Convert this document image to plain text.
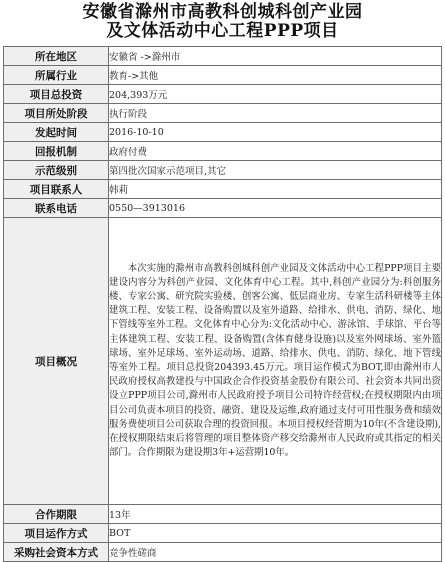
安徽省滁州市高教科创城科创产业园
及文体活动中心工程PPP项目
所在地区	安徽省 ->滁州市
所属行业	教育->其他
项目总投资	204,393万元
项目所处阶段	执行阶段
发起时间	2016-10-10
回报机制	政府付费
示范级别	第四批次国家示范项目,其它
项目联系人	韩莉
联系电话	0550—3913016
项目概况	本次实施的滁州市高教科创城科创产业园及文体活动中心工程PPP项目主要建设内容分为科创产业园、文化体育中心工程。其中,科创产业园分为:科创服务楼、专家公寓、研究院实验楼、创客公寓、低层商业房、专家生活科研楼等主体建筑工程、安装工程、设备购置以及室外道路、给排水、供电、消防、绿化、地下管线等室外工程。文化体育中心分为:文化活动中心、游泳馆、手球馆、平台等主体建筑工程、安装工程、设备购置(含体育健身设施)以及室外网球场、室外篮球场、室外足球场、室外运动场、道路、给排水、供电、消防、绿化、地下管线等室外工程。项目总投资204393.45万元。项目运作模式为BOT,即由滁州市人民政府授权高教建投与中国政企合作投资基金股份有限公司、社会资本共同出资设立PPP项目公司,滁州市人民政府授予项目公司特许经营权;在授权期限内由项目公司负责本项目的投资、融资、建设及运维,政府通过支付可用性服务费和绩效服务费使项目公司获取合理的投资回报。本项目授权经营期为10年(不含建设期),在授权期限结束后将管理的项目整体资产移交给滁州市人民政府或其指定的相关部门。合作期限为建设期3年+运营期10年。
合作期限	13年
项目运作方式	BOT
采购社会资本方式	竞争性磋商
